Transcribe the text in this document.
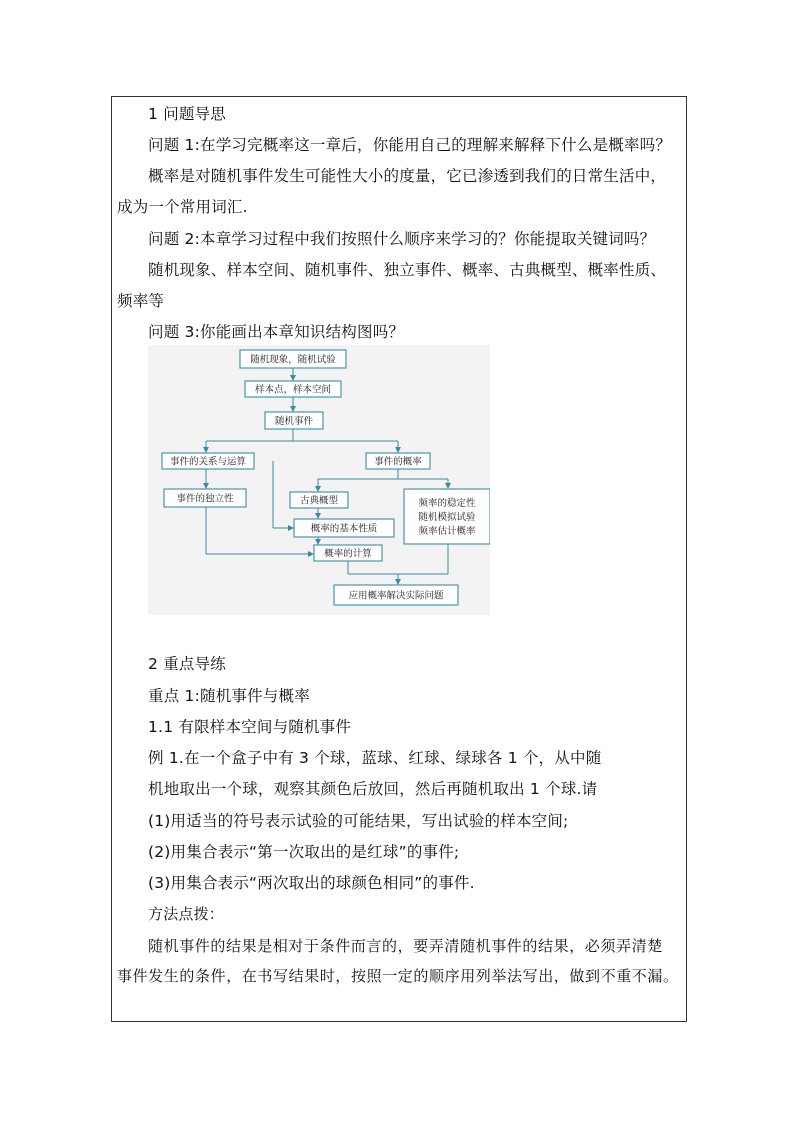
1 问题导思
问题 1:在学习完概率这一章后，你能用自己的理解来解释下什么是概率吗？
概率是对随机事件发生可能性大小的度量，它已渗透到我们的日常生活中，
成为一个常用词汇.
问题 2:本章学习过程中我们按照什么顺序来学习的？你能提取关键词吗？
随机现象、样本空间、随机事件、独立事件、概率、古典概型、概率性质、
频率等
问题 3:你能画出本章知识结构图吗？
随机现象，随机试验
样本点，样本空间
随机事件
事件的关系与运算	事件的概率
事件的独立性	古典概型	频率的稳定性
随机模拟试验
频率估计概率
概率的基本性质
概率的计算
应用概率解决实际问题
2 重点导练
重点 1:随机事件与概率
1.1 有限样本空间与随机事件
例 1.在一个盒子中有 3 个球，蓝球、红球、绿球各 1 个，从中随
机地取出一个球，观察其颜色后放回，然后再随机取出 1 个球.请
(1)用适当的符号表示试验的可能结果，写出试验的样本空间;
(2)用集合表示“第一次取出的是红球”的事件;
(3)用集合表示“两次取出的球颜色相同”的事件.
方法点拨：
随机事件的结果是相对于条件而言的，要弄清随机事件的结果，必须弄清楚
事件发生的条件，在书写结果时，按照一定的顺序用列举法写出，做到不重不漏。
